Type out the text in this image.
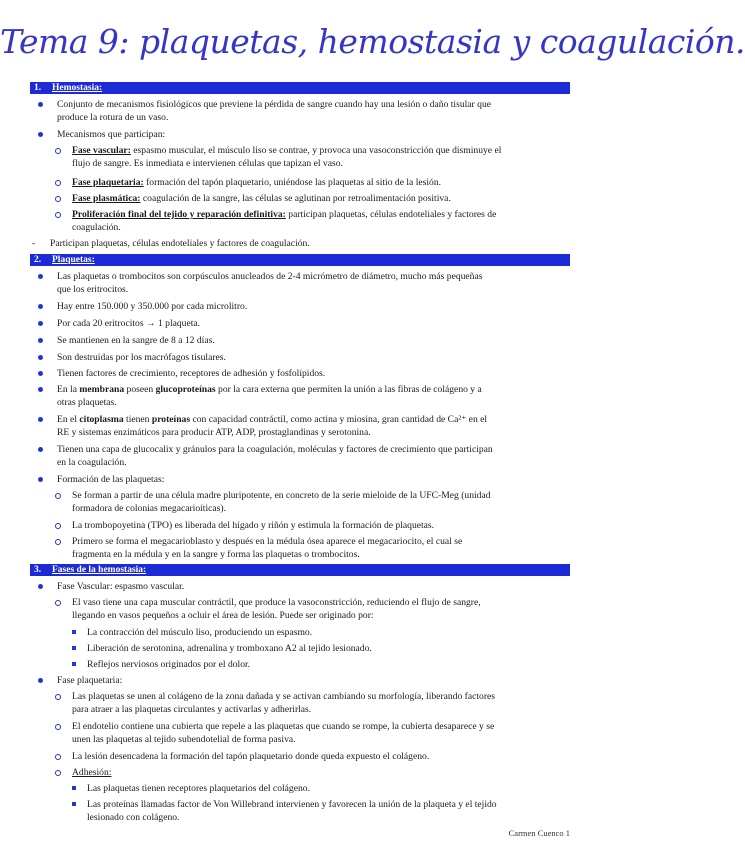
Tema 9: plaquetas, hemostasia y coagulación.
1. Hemostasia:
Conjunto de mecanismos fisiológicos que previene la pérdida de sangre cuando hay una lesión o daño tisular que
produce la rotura de un vaso.
Mecanismos que participan:
Fase vascular: espasmo muscular, el músculo liso se contrae, y provoca una vasoconstricción que disminuye el
flujo de sangre. Es inmediata e intervienen células que tapizan el vaso.
Fase plaquetaria: formación del tapón plaquetario, uniéndose las plaquetas al sitio de la lesión.
Fase plasmática: coagulación de la sangre, las células se aglutinan por retroalimentación positiva.
Proliferación final del tejido y reparación definitiva: participan plaquetas, células endoteliales y factores de
coagulación.
- Participan plaquetas, células endoteliales y factores de coagulación.
2. Plaquetas:
Las plaquetas o trombocitos son corpúsculos anucleados de 2-4 micrómetro de diámetro, mucho más pequeñas
que los eritrocitos.
Hay entre 150.000 y 350.000 por cada microlitro.
Por cada 20 eritrocitos → 1 plaqueta.
Se mantienen en la sangre de 8 a 12 días.
Son destruidas por los macrófagos tisulares.
Tienen factores de crecimiento, receptores de adhesión y fosfolípidos.
En la membrana poseen glucoproteínas por la cara externa que permiten la unión a las fibras de colágeno y a
otras plaquetas.
En el citoplasma tienen proteínas con capacidad contráctil, como actina y miosina, gran cantidad de Ca²⁺ en el
RE y sistemas enzimáticos para producir ATP, ADP, prostaglandinas y serotonina.
Tienen una capa de glucocalix y gránulos para la coagulación, moléculas y factores de crecimiento que participan
en la coagulación.
Formación de las plaquetas:
Se forman a partir de una célula madre pluripotente, en concreto de la serie mieloide de la UFC-Meg (unidad
formadora de colonias megacarioíticas).
La trombopoyetina (TPO) es liberada del hígado y riñón y estimula la formación de plaquetas.
Primero se forma el megacarioblasto y después en la médula ósea aparece el megacariocito, el cual se
fragmenta en la médula y en la sangre y forma las plaquetas o trombocitos.
3. Fases de la hemostasia:
Fase Vascular: espasmo vascular.
El vaso tiene una capa muscular contráctil, que produce la vasoconstricción, reduciendo el flujo de sangre,
llegando en vasos pequeños a ocluir el área de lesión. Puede ser originado por:
La contracción del músculo liso, produciendo un espasmo.
Liberación de serotonina, adrenalina y tromboxano A2 al tejido lesionado.
Reflejos nerviosos originados por el dolor.
Fase plaquetaria:
Las plaquetas se unen al colágeno de la zona dañada y se activan cambiando su morfología, liberando factores
para atraer a las plaquetas circulantes y activarlas y adherirlas.
El endotelio contiene una cubierta que repele a las plaquetas que cuando se rompe, la cubierta desaparece y se
unen las plaquetas al tejido subendotelial de forma pasiva.
La lesión desencadena la formación del tapón plaquetario donde queda expuesto el colágeno.
Adhesión:
Las plaquetas tienen receptores plaquetarios del colágeno.
Las proteínas llamadas factor de Von Willebrand intervienen y favorecen la unión de la plaqueta y el tejido
lesionado con colágeno.
Carmen Cuenco 1
